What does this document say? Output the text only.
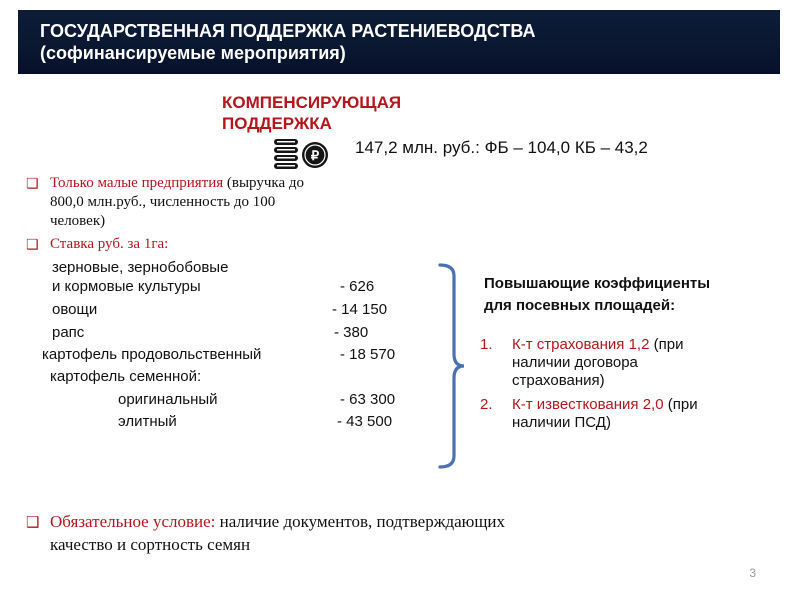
ГОСУДАРСТВЕННАЯ ПОДДЕРЖКА РАСТЕНИЕВОДСТВА
(софинансируемые мероприятия)
КОМПЕНСИРУЮЩАЯ ПОДДЕРЖКА
₽ 147,2 млн. руб.: ФБ – 104,0 КБ – 43,2
❑ Только малые предприятия (выручка до
800,0 млн.руб., численность до 100
человек)
❑ Ставка руб. за 1га:
зерновые, зернобобовые
и кормовые культуры	- 626
овощи	- 14 150
рапс	- 380
картофель продовольственный	- 18 570
картофель семенной:
оригинальный	- 63 300
элитный	- 43 500
Повышающие коэффициенты
для посевных площадей:
1. К-т страхования 1,2 (при
наличии договора
страхования)
2. К-т известкования 2,0 (при
наличии ПСД)
❑ Обязательное условие: наличие документов, подтверждающих
качество и сортность семян
3
